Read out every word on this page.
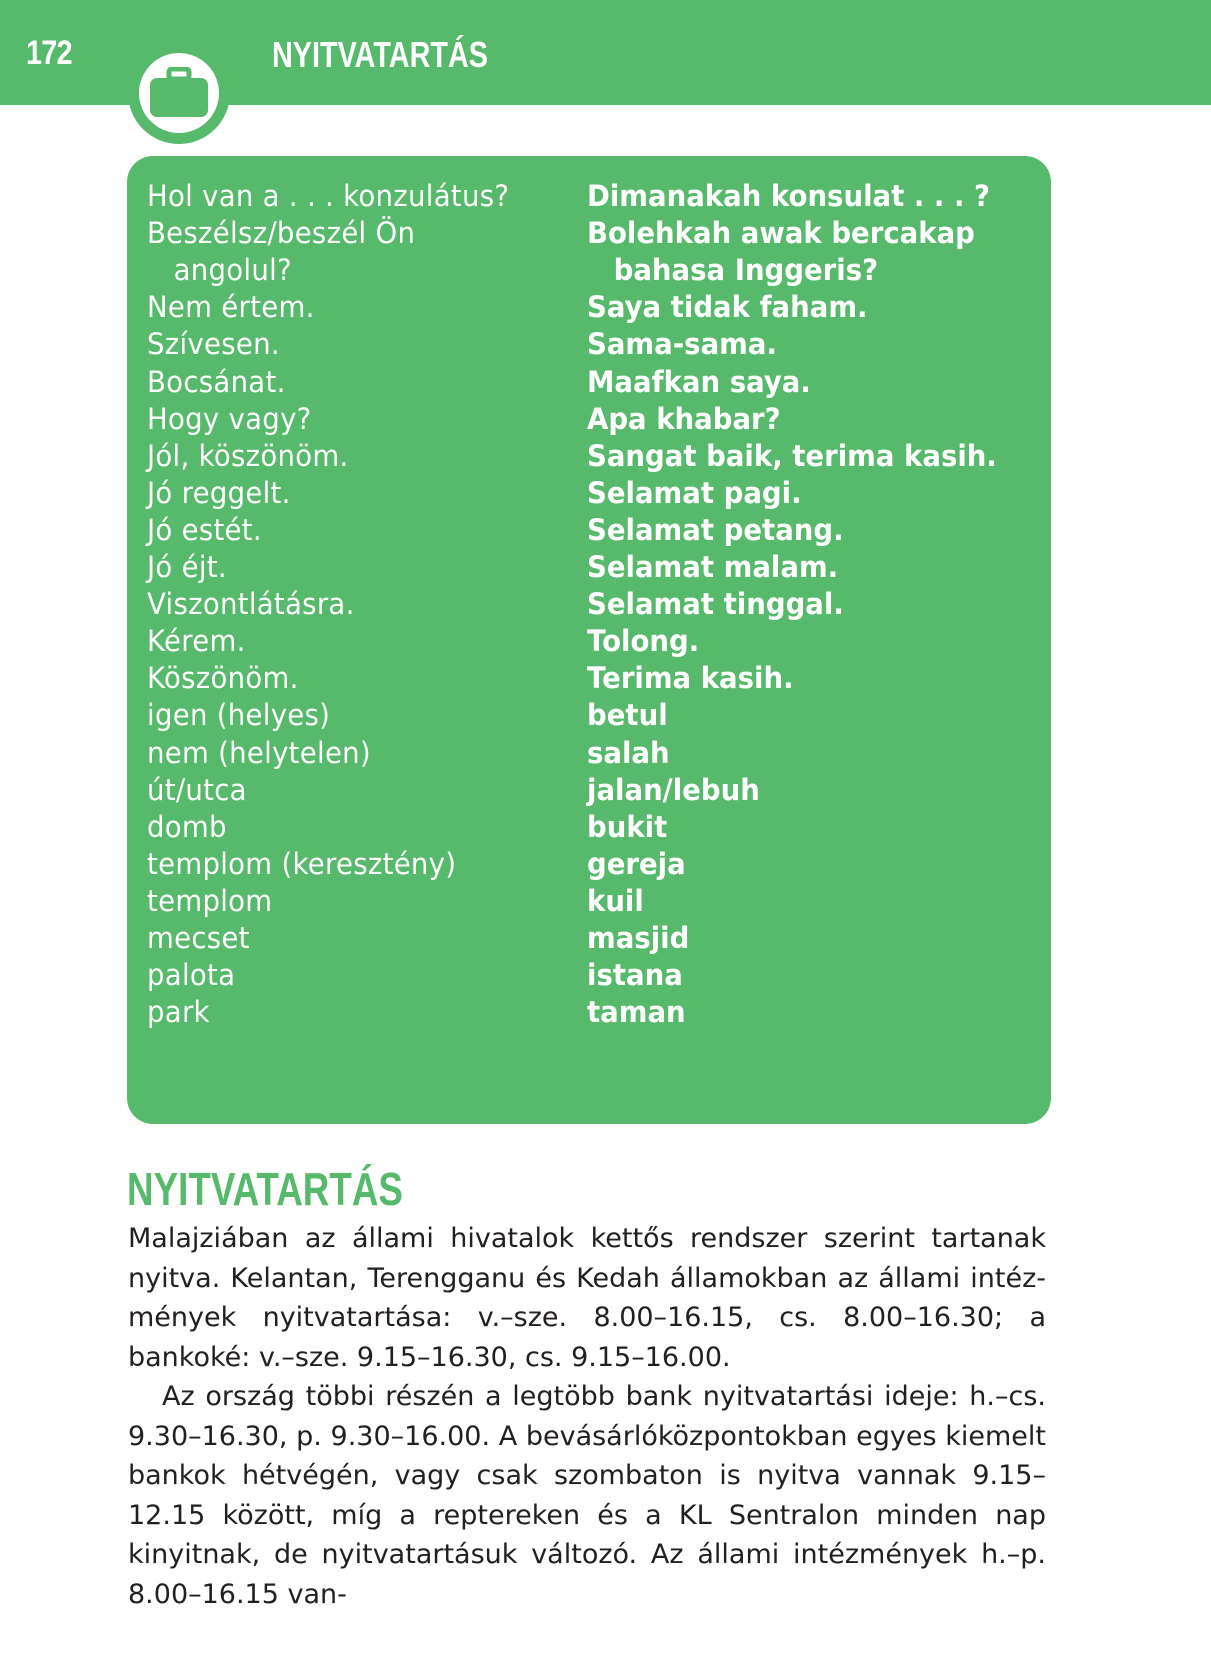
172	NYITVATARTÁS
Hol van a . . . konzulátus?	Dimanakah konsulat . . . ?
Beszélsz/beszél Ön	Bolehkah awak bercakap
angolul?	bahasa Inggeris?
Nem értem.	Saya tidak faham.
Szívesen.	Sama-sama.
Bocsánat.	Maafkan saya.
Hogy vagy?	Apa khabar?
Jól, köszönöm.	Sangat baik, terima kasih.
Jó reggelt.	Selamat pagi.
Jó estét.	Selamat petang.
Jó éjt.	Selamat malam.
Viszontlátásra.	Selamat tinggal.
Kérem.	Tolong.
Köszönöm.	Terima kasih.
igen (helyes)	betul
nem (helytelen)	salah
út/utca	jalan/lebuh
domb	bukit
templom (keresztény)	gereja
templom	kuil
mecset	masjid
palota	istana
park	taman
NYITVATARTÁS

Malajziában az állami hivatalok kettős rendszer szerint tartanak nyitva. Kelantan, Terengganu és Kedah államokban az állami intéz-mények nyitvatartása: v.–sze. 8.00–16.15, cs. 8.00–16.30; a bankoké: v.–sze. 9.15–16.30, cs. 9.15–16.00.

Az ország többi részén a legtöbb bank nyitvatartási ideje: h.–cs. 9.30–16.30, p. 9.30–16.00. A bevásárlóközpontokban egyes kiemelt bankok hétvégén, vagy csak szombaton is nyitva vannak 9.15–12.15 között, míg a reptereken és a KL Sentralon minden nap kinyitnak, de nyitvatartásuk változó. Az állami intézmények h.–p. 8.00–16.15 van-
